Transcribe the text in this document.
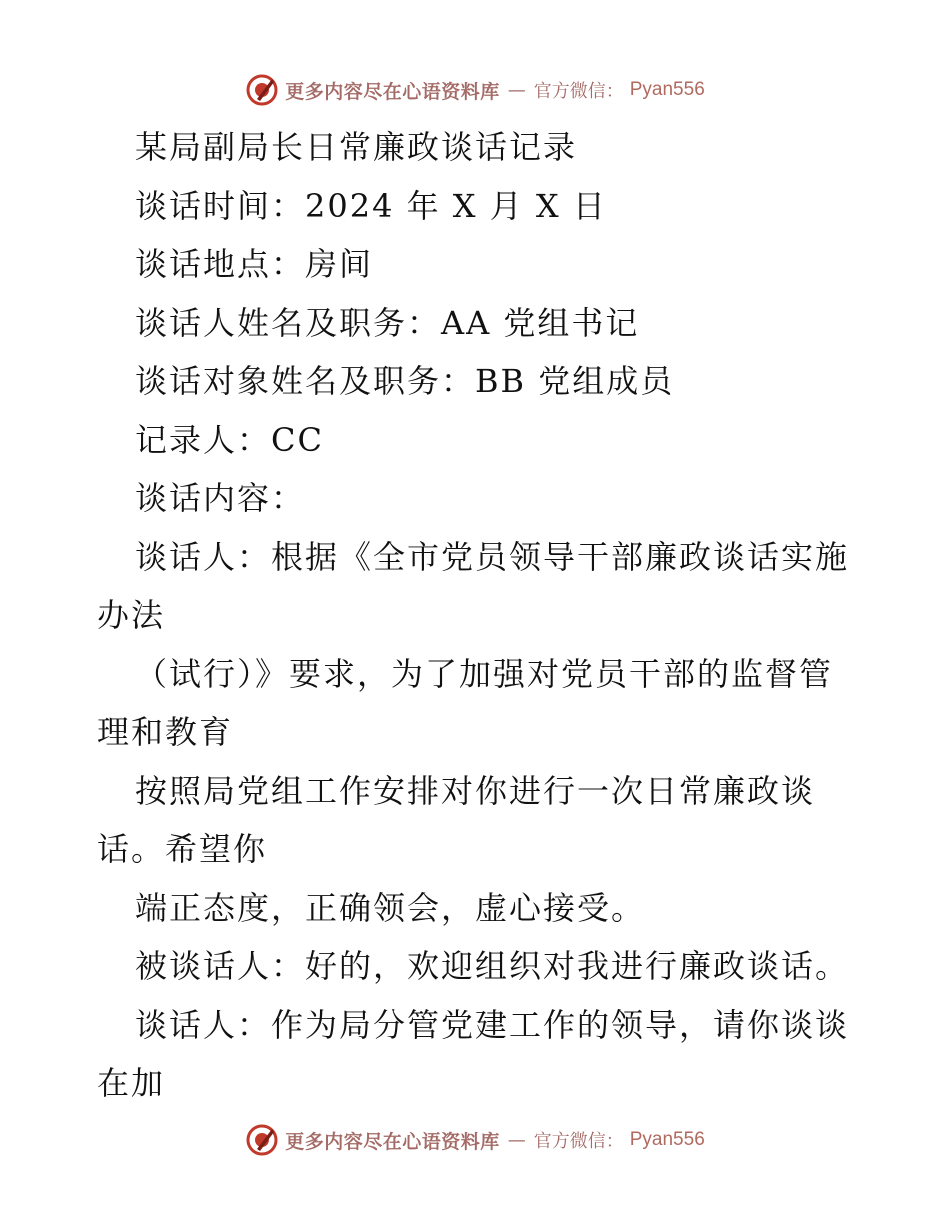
更多内容尽在心语资料库 — 官方微信： Pyan556
某局副局长日常廉政谈话记录
谈话时间：2024 年 X 月 X 日
谈话地点：房间
谈话人姓名及职务：AA 党组书记
谈话对象姓名及职务：BB 党组成员
记录人：CC
谈话内容：
谈话人：根据《全市党员领导干部廉政谈话实施
办法
（试行）》要求，为了加强对党员干部的监督管
理和教育
按照局党组工作安排对你进行一次日常廉政谈
话。希望你
端正态度，正确领会，虚心接受。
被谈话人：好的，欢迎组织对我进行廉政谈话。
谈话人：作为局分管党建工作的领导，请你谈谈
在加
更多内容尽在心语资料库 — 官方微信： Pyan556
